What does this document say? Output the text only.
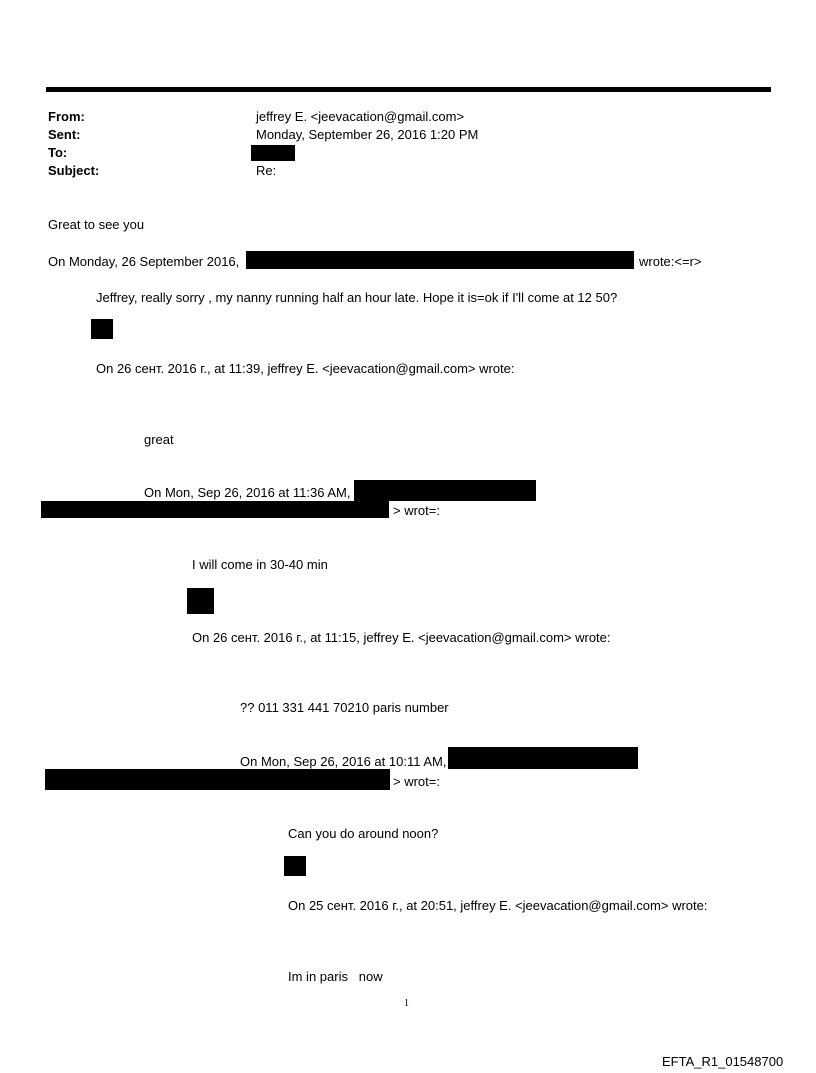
From:	jeffrey E. <jeevacation@gmail.com>
Sent:	Monday, September 26, 2016 1:20 PM
To:
Subject:	Re:
Great to see you
On Monday, 26 September 2016,	wrote:<=r>
Jeffrey, really sorry , my nanny running half an hour late. Hope it is=ok if I'll come at 12 50?
On 26 сент. 2016 г., at 11:39, jeffrey E. <jeevacation@gmail.com> wrote:
great
On Mon, Sep 26, 2016 at 11:36 AM,
> wrot=:
I will come in 30-40 min
On 26 сент. 2016 г., at 11:15, jeffrey E. <jeevacation@gmail.com> wrote:
?? 011 331 441 70210 paris number
On Mon, Sep 26, 2016 at 10:11 AM,
> wrot=:
Can you do around noon?
On 25 сент. 2016 г., at 20:51, jeffrey E. <jeevacation@gmail.com> wrote:
Im in paris   now
1
EFTA_R1_01548700
